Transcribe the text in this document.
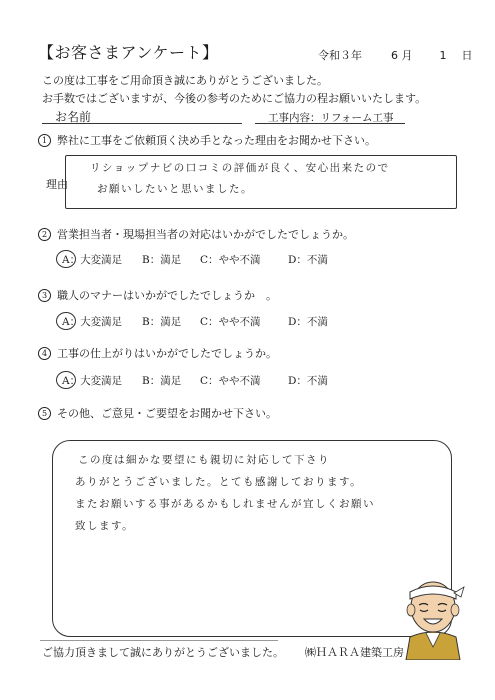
【お客さまアンケート】	令和３年	6 月 1 日
この度は工事をご用命頂き誠にありがとうございました。
お手数ではございますが、今後の参考のためにご協力の程お願いいたします。
お名前	工事内容：リフォーム工事
1 弊社に工事をご依頼頂く決め手となった理由をお聞かせ下さい。
理由
リショップナビの口コミの評価が良く、安心出来たので
お願いしたいと思いました。
2 営業担当者・現場担当者の対応はいかがでしたでしょうか。
A：大変満足 B：満足 C：やや不満	D：不満
3 職人のマナーはいかがでしたでしょうか　。
A：大変満足 B：満足 C：やや不満	D：不満
4 工事の仕上がりはいかがでしたでしょうか。
A：大変満足 B：満足 C：やや不満	D：不満
5 その他、ご意見・ご要望をお聞かせ下さい。
この度は細かな要望にも親切に対応して下さり
ありがとうございました。とても感謝しております。
またお願いする事があるかもしれませんが宜しくお願い
致します。
ご協力頂きまして誠にありがとうございました。 ㈱ＨＡＲＡ建築工房
